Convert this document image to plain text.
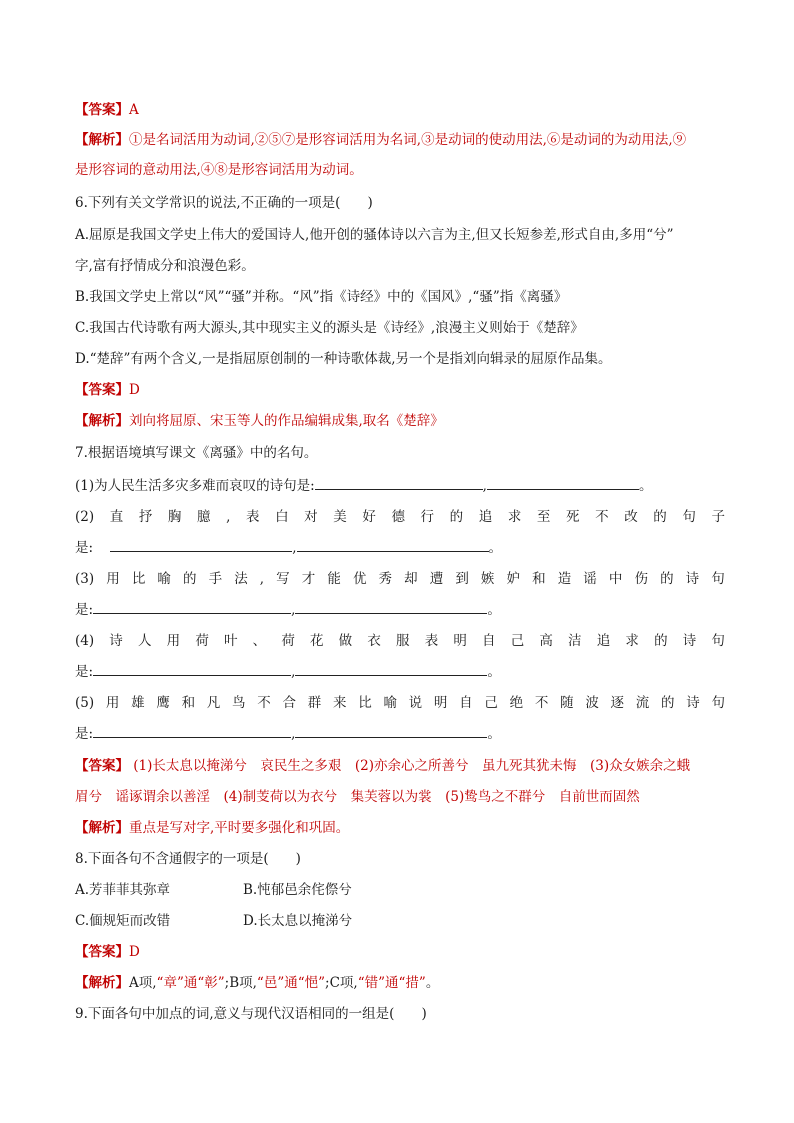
【答案】A
【解析】①是名词活用为动词,②⑤⑦是形容词活用为名词,③是动词的使动用法,⑥是动词的为动用法,⑨
是形容词的意动用法,④⑧是形容词活用为动词。
6.下列有关文学常识的说法,不正确的一项是(　　)
A.屈原是我国文学史上伟大的爱国诗人,他开创的骚体诗以六言为主,但又长短参差,形式自由,多用“兮”
字,富有抒情成分和浪漫色彩。
B.我国文学史上常以“风”“骚”并称。“风”指《诗经》中的《国风》,“骚”指《离骚》
C.我国古代诗歌有两大源头,其中现实主义的源头是《诗经》,浪漫主义则始于《楚辞》
D.“楚辞”有两个含义,一是指屈原创制的一种诗歌体裁,另一个是指刘向辑录的屈原作品集。
【答案】D
【解析】刘向将屈原、宋玉等人的作品编辑成集,取名《楚辞》
7.根据语境填写课文《离骚》中的名句。
(1)为人民生活多灾多难而哀叹的诗句是:	,	。
(2) 直 抒 胸 臆 , 表 白 对 美 好 德 行 的 追 求 至 死 不 改 的 句 子
是:	,	。
(3) 用 比 喻 的 手 法 , 写 才 能 优 秀 却 遭 到 嫉 妒 和 造 谣 中 伤 的 诗 句
是:	,	。
(4) 诗 人 用 荷 叶 、 荷 花 做 衣 服 表 明 自 己 高 洁 追 求 的 诗 句
是:	,	。
(5) 用 雄 鹰 和 凡 鸟 不 合 群 来 比 喻 说 明 自 己 绝 不 随 波 逐 流 的 诗 句
是:	,	。
【答案】 (1)长太息以掩涕兮　哀民生之多艰　(2)亦余心之所善兮　虽九死其犹未悔　(3)众女嫉余之蛾
眉兮　谣诼谓余以善淫　(4)制芰荷以为衣兮　集芙蓉以为裳　(5)鸷鸟之不群兮　自前世而固然
【解析】重点是写对字,平时要多强化和巩固。
8.下面各句不含通假字的一项是(　　)
A.芳菲菲其弥章	B.忳郁邑余侘傺兮
C.偭规矩而改错	D.长太息以掩涕兮
【答案】D
【解析】A项,“章”通“彰”;B项,“邑”通“悒”;C项,“错”通“措”。
9.下面各句中加点的词,意义与现代汉语相同的一组是(　　)
